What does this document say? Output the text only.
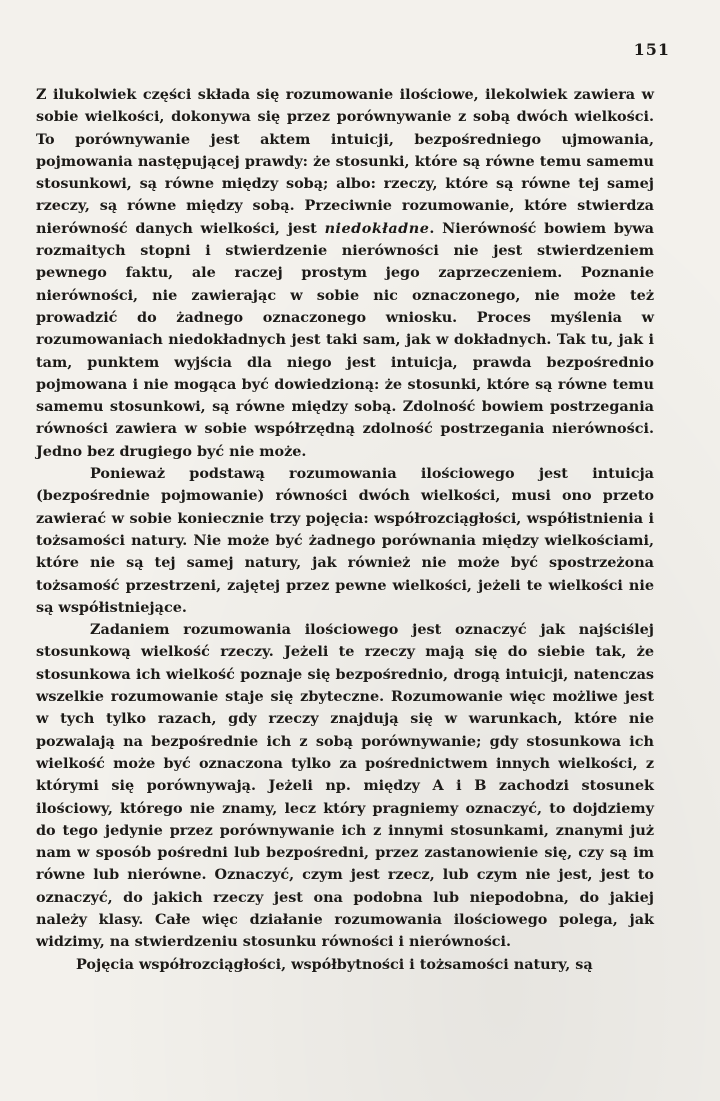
151

Z ilukolwiek części składa się rozumowanie ilościowe, ilekolwiek zawiera w sobie wielkości, dokonywa się przez porównywanie z sobą dwóch wielkości. To porównywanie jest aktem intuicji, bezpośredniego ujmowania, pojmowania następującej prawdy: że stosunki, które są równe temu samemu stosunkowi, są równe między sobą; albo: rzeczy, które są równe tej samej rzeczy, są równe między sobą. Przeciwnie rozumowanie, które stwierdza nierówność danych wielkości, jest niedokładne. Nierówność bowiem bywa rozmaitych stopni i stwierdzenie nierówności nie jest stwierdzeniem pewnego faktu, ale raczej prostym jego zaprzeczeniem. Poznanie nierówności, nie zawierając w sobie nic oznaczonego, nie może też prowadzić do żadnego oznaczonego wniosku. Proces myślenia w rozumowaniach niedokładnych jest taki sam, jak w dokładnych. Tak tu, jak i tam, punktem wyjścia dla niego jest intuicja, prawda bezpośrednio pojmowana i nie mogąca być dowiedzioną: że stosunki, które są równe temu samemu stosunkowi, są równe między sobą. Zdolność bowiem postrzegania równości zawiera w sobie współrzędną zdolność postrzegania nierówności. Jedno bez drugiego być nie może.

Ponieważ podstawą rozumowania ilościowego jest intuicja (bezpośrednie pojmowanie) równości dwóch wielkości, musi ono przeto zawierać w sobie koniecznie trzy pojęcia: współrozciągłości, współistnienia i tożsamości natury. Nie może być żadnego porównania między wielkościami, które nie są tej samej natury, jak również nie może być spostrzeżona tożsamość przestrzeni, zajętej przez pewne wielkości, jeżeli te wielkości nie są współistniejące.

Zadaniem rozumowania ilościowego jest oznaczyć jak najściślej stosunkową wielkość rzeczy. Jeżeli te rzeczy mają się do siebie tak, że stosunkowa ich wielkość poznaje się bezpośrednio, drogą intuicji, natenczas wszelkie rozumowanie staje się zbyteczne. Rozumowanie więc możliwe jest w tych tylko razach, gdy rzeczy znajdują się w warunkach, które nie pozwalają na bezpośrednie ich z sobą porównywanie; gdy stosunkowa ich wielkość może być oznaczona tylko za pośrednictwem innych wielkości, z którymi się porównywają. Jeżeli np. między A i B zachodzi stosunek ilościowy, którego nie znamy, lecz który pragniemy oznaczyć, to dojdziemy do tego jedynie przez porównywanie ich z innymi stosunkami, znanymi już nam w sposób pośredni lub bezpośredni, przez zastanowienie się, czy są im równe lub nierówne. Oznaczyć, czym jest rzecz, lub czym nie jest, jest to oznaczyć, do jakich rzeczy jest ona podobna lub niepodobna, do jakiej należy klasy. Całe więc działanie rozumowania ilościowego polega, jak widzimy, na stwierdzeniu stosunku równości i nierówności.

Pojęcia współrozciągłości, współbytności i tożsamości natury, są
